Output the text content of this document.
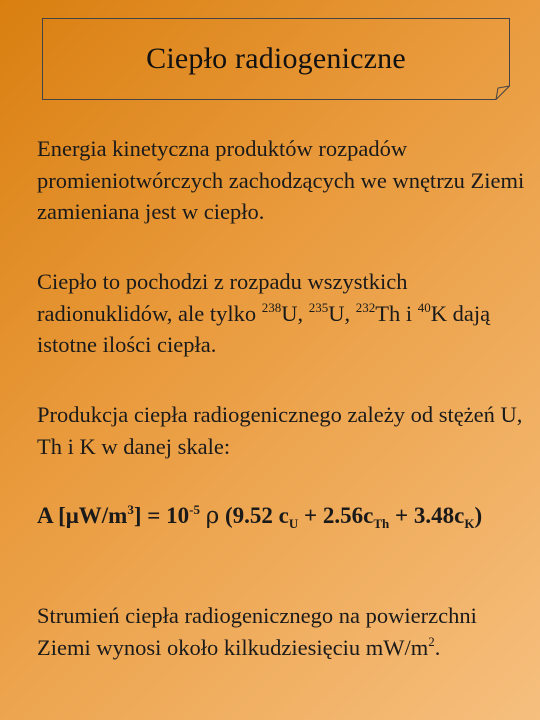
Ciepło radiogeniczne
Energia kinetyczna produktów rozpadów promieniotwórczych zachodzących we wnętrzu Ziemi zamieniana jest w ciepło.
Ciepło to pochodzi z rozpadu wszystkich radionuklidów, ale tylko $^{238}$U, $^{235}$U, $^{232}$Th i $^{40}$K dają istotne ilości ciepła.
Produkcja ciepła radiogenicznego zależy od stężeń U, Th i K w danej skale:
A $[\mu W/m^3] = 10^{-5}$ ρ (9.52 $c_U + 2.56c_{Th} + 3.48c_K$)
Strumień ciepła radiogenicznego na powierzchni Ziemi wynosi około kilkudziesięciu $mW/m^2$.
